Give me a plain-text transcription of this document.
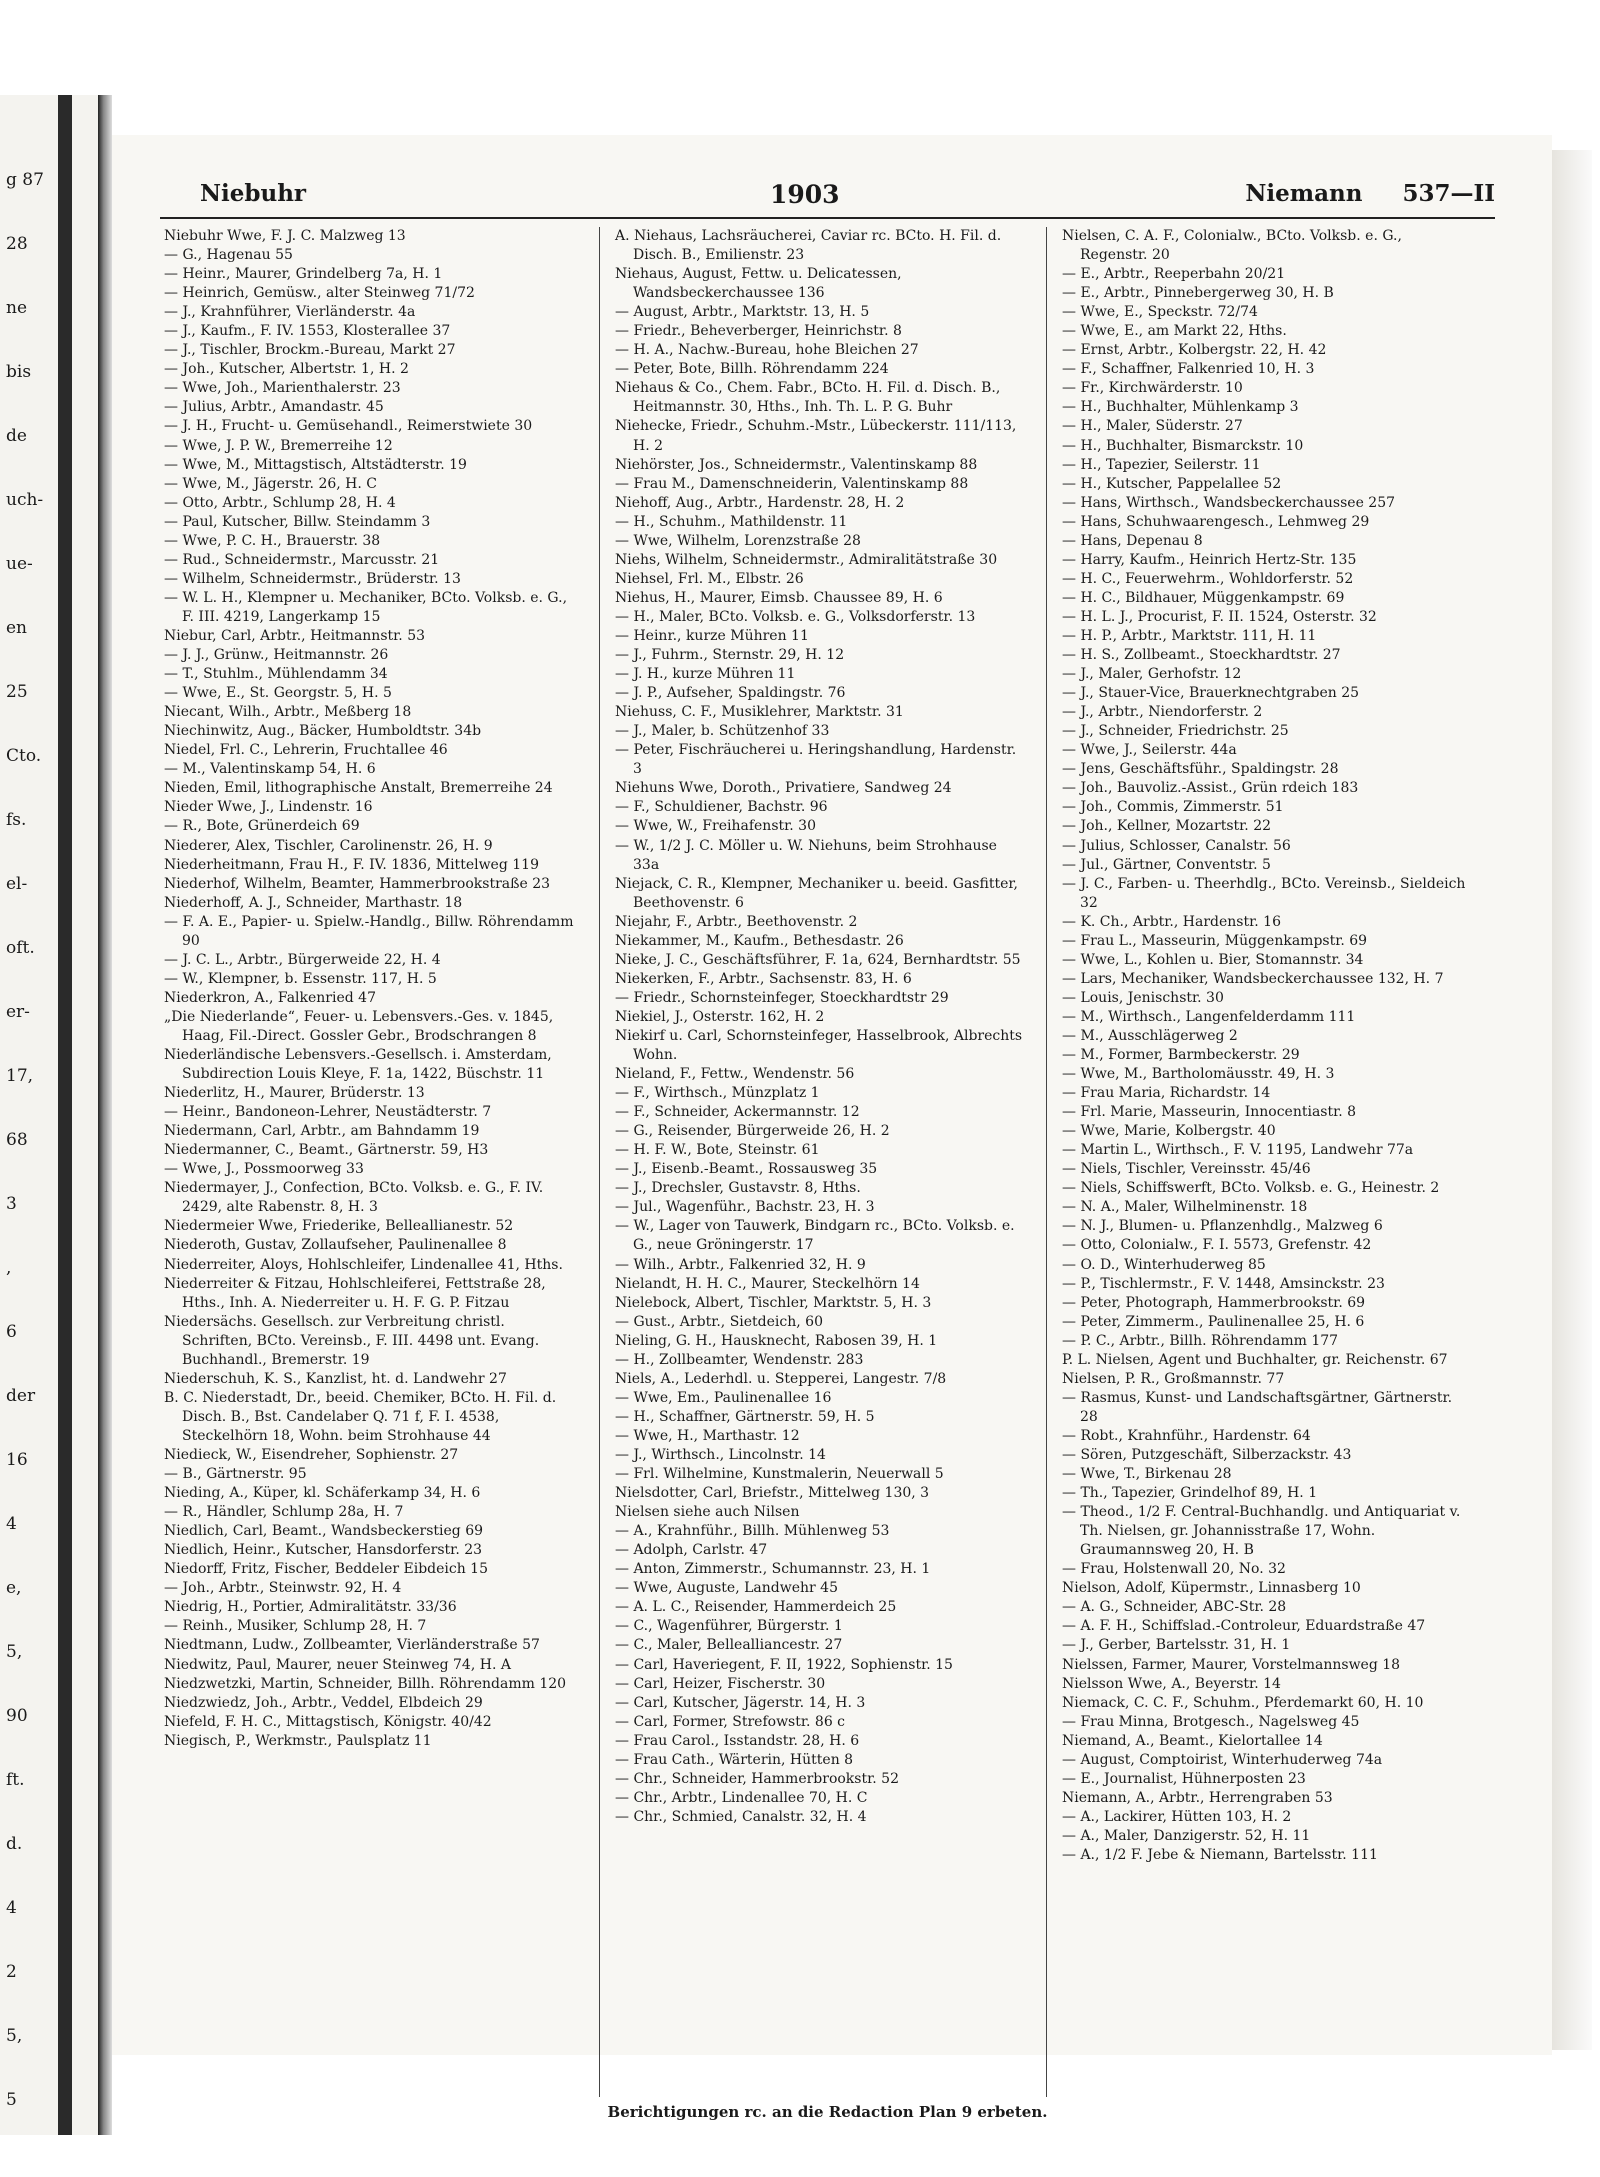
g 87
28
ne
bis
de
uch-
ue-
en
25
Cto.
fs.
el-
oft.
er-
17,
68
3
,
6
der
16
4
e,
5,
90
ft.
d.
4
2
5,
5
Niebuhr	1903	Niemann     537—II
Niebuhr Wwe, F. J. C. Malzweg 13
— G., Hagenau 55
— Heinr., Maurer, Grindelberg 7a, H. 1
— Heinrich, Gemüsw., alter Steinweg 71/72
— J., Krahnführer, Vierländerstr. 4a
— J., Kaufm., F. IV. 1553, Klosterallee 37
— J., Tischler, Brockm.-Bureau, Markt 27
— Joh., Kutscher, Albertstr. 1, H. 2
— Wwe, Joh., Marienthalerstr. 23
— Julius, Arbtr., Amandastr. 45
— J. H., Frucht- u. Gemüsehandl., Reimerstwiete 30
— Wwe, J. P. W., Bremerreihe 12
— Wwe, M., Mittagstisch, Altstädterstr. 19
— Wwe, M., Jägerstr. 26, H. C
— Otto, Arbtr., Schlump 28, H. 4
— Paul, Kutscher, Billw. Steindamm 3
— Wwe, P. C. H., Brauerstr. 38
— Rud., Schneidermstr., Marcusstr. 21
— Wilhelm, Schneidermstr., Brüderstr. 13
— W. L. H., Klempner u. Mechaniker, BCto. Volksb. e. G., F. III. 4219, Langerkamp 15
Niebur, Carl, Arbtr., Heitmannstr. 53
— J. J., Grünw., Heitmannstr. 26
— T., Stuhlm., Mühlendamm 34
— Wwe, E., St. Georgstr. 5, H. 5
Niecant, Wilh., Arbtr., Meßberg 18
Niechinwitz, Aug., Bäcker, Humboldtstr. 34b
Niedel, Frl. C., Lehrerin, Fruchtallee 46
— M., Valentinskamp 54, H. 6
Nieden, Emil, lithographische Anstalt, Bremerreihe 24
Nieder Wwe, J., Lindenstr. 16
— R., Bote, Grünerdeich 69
Niederer, Alex, Tischler, Carolinenstr. 26, H. 9
Niederheitmann, Frau H., F. IV. 1836, Mittelweg 119
Niederhof, Wilhelm, Beamter, Hammerbrookstraße 23
Niederhoff, A. J., Schneider, Marthastr. 18
— F. A. E., Papier- u. Spielw.-Handlg., Billw. Röhrendamm 90
— J. C. L., Arbtr., Bürgerweide 22, H. 4
— W., Klempner, b. Essenstr. 117, H. 5
Niederkron, A., Falkenried 47
„Die Niederlande“, Feuer- u. Lebensvers.-Ges. v. 1845, Haag, Fil.-Direct. Gossler Gebr., Brodschrangen 8
Niederländische Lebensvers.-Gesellsch. i. Amsterdam, Subdirection Louis Kleye, F. 1a, 1422, Büschstr. 11
Niederlitz, H., Maurer, Brüderstr. 13
— Heinr., Bandoneon-Lehrer, Neustädterstr. 7
Niedermann, Carl, Arbtr., am Bahndamm 19
Niedermanner, C., Beamt., Gärtnerstr. 59, H3
— Wwe, J., Possmoorweg 33
Niedermayer, J., Confection, BCto. Volksb. e. G., F. IV. 2429, alte Rabenstr. 8, H. 3
Niedermeier Wwe, Friederike, Belleallianestr. 52
Niederoth, Gustav, Zollaufseher, Paulinenallee 8
Niederreiter, Aloys, Hohlschleifer, Lindenallee 41, Hths.
Niederreiter & Fitzau, Hohlschleiferei, Fettstraße 28, Hths., Inh. A. Niederreiter u. H. F. G. P. Fitzau
Niedersächs. Gesellsch. zur Verbreitung christl. Schriften, BCto. Vereinsb., F. III. 4498 unt. Evang. Buchhandl., Bremerstr. 19
Niederschuh, K. S., Kanzlist, ht. d. Landwehr 27
B. C. Niederstadt, Dr., beeid. Chemiker, BCto. H. Fil. d. Disch. B., Bst. Candelaber Q. 71 f, F. I. 4538, Steckelhörn 18, Wohn. beim Strohhause 44
Niedieck, W., Eisendreher, Sophienstr. 27
— B., Gärtnerstr. 95
Nieding, A., Küper, kl. Schäferkamp 34, H. 6
— R., Händler, Schlump 28a, H. 7
Niedlich, Carl, Beamt., Wandsbeckerstieg 69
Niedlich, Heinr., Kutscher, Hansdorferstr. 23
Niedorff, Fritz, Fischer, Beddeler Eibdeich 15
— Joh., Arbtr., Steinwstr. 92, H. 4
Niedrig, H., Portier, Admiralitätstr. 33/36
— Reinh., Musiker, Schlump 28, H. 7
Niedtmann, Ludw., Zollbeamter, Vierländerstraße 57
Niedwitz, Paul, Maurer, neuer Steinweg 74, H. A
Niedzwetzki, Martin, Schneider, Billh. Röhrendamm 120
Niedzwiedz, Joh., Arbtr., Veddel, Elbdeich 29
Niefeld, F. H. C., Mittagstisch, Königstr. 40/42
Niegisch, P., Werkmstr., Paulsplatz 11
A. Niehaus, Lachsräucherei, Caviar rc. BCto. H. Fil. d. Disch. B., Emilienstr. 23
Niehaus, August, Fettw. u. Delicatessen, Wandsbeckerchaussee 136
— August, Arbtr., Marktstr. 13, H. 5
— Friedr., Beheverberger, Heinrichstr. 8
— H. A., Nachw.-Bureau, hohe Bleichen 27
— Peter, Bote, Billh. Röhrendamm 224
Niehaus & Co., Chem. Fabr., BCto. H. Fil. d. Disch. B., Heitmannstr. 30, Hths., Inh. Th. L. P. G. Buhr
Niehecke, Friedr., Schuhm.-Mstr., Lübeckerstr. 111/113, H. 2
Niehörster, Jos., Schneidermstr., Valentinskamp 88
— Frau M., Damenschneiderin, Valentinskamp 88
Niehoff, Aug., Arbtr., Hardenstr. 28, H. 2
— H., Schuhm., Mathildenstr. 11
— Wwe, Wilhelm, Lorenzstraße 28
Niehs, Wilhelm, Schneidermstr., Admiralitätstraße 30
Niehsel, Frl. M., Elbstr. 26
Niehus, H., Maurer, Eimsb. Chaussee 89, H. 6
— H., Maler, BCto. Volksb. e. G., Volksdorferstr. 13
— Heinr., kurze Mühren 11
— J., Fuhrm., Sternstr. 29, H. 12
— J. H., kurze Mühren 11
— J. P., Aufseher, Spaldingstr. 76
Niehuss, C. F., Musiklehrer, Marktstr. 31
— J., Maler, b. Schützenhof 33
— Peter, Fischräucherei u. Heringshandlung, Hardenstr. 3
Niehuns Wwe, Doroth., Privatiere, Sandweg 24
— F., Schuldiener, Bachstr. 96
— Wwe, W., Freihafenstr. 30
— W., 1/2 J. C. Möller u. W. Niehuns, beim Strohhause 33a
Niejack, C. R., Klempner, Mechaniker u. beeid. Gasfitter, Beethovenstr. 6
Niejahr, F., Arbtr., Beethovenstr. 2
Niekammer, M., Kaufm., Bethesdastr. 26
Nieke, J. C., Geschäftsführer, F. 1a, 624, Bernhardtstr. 55
Niekerken, F., Arbtr., Sachsenstr. 83, H. 6
— Friedr., Schornsteinfeger, Stoeckhardtstr 29
Niekiel, J., Osterstr. 162, H. 2
Niekirf u. Carl, Schornsteinfeger, Hasselbrook, Albrechts Wohn.
Nieland, F., Fettw., Wendenstr. 56
— F., Wirthsch., Münzplatz 1
— F., Schneider, Ackermannstr. 12
— G., Reisender, Bürgerweide 26, H. 2
— H. F. W., Bote, Steinstr. 61
— J., Eisenb.-Beamt., Rossausweg 35
— J., Drechsler, Gustavstr. 8, Hths.
— Jul., Wagenführ., Bachstr. 23, H. 3
— W., Lager von Tauwerk, Bindgarn rc., BCto. Volksb. e. G., neue Gröningerstr. 17
— Wilh., Arbtr., Falkenried 32, H. 9
Nielandt, H. H. C., Maurer, Steckelhörn 14
Nielebock, Albert, Tischler, Marktstr. 5, H. 3
— Gust., Arbtr., Sietdeich, 60
Nieling, G. H., Hausknecht, Rabosen 39, H. 1
— H., Zollbeamter, Wendenstr. 283
Niels, A., Lederhdl. u. Stepperei, Langestr. 7/8
— Wwe, Em., Paulinenallee 16
— H., Schaffner, Gärtnerstr. 59, H. 5
— Wwe, H., Marthastr. 12
— J., Wirthsch., Lincolnstr. 14
— Frl. Wilhelmine, Kunstmalerin, Neuerwall 5
Nielsdotter, Carl, Briefstr., Mittelweg 130, 3
Nielsen siehe auch Nilsen
— A., Krahnführ., Billh. Mühlenweg 53
— Adolph, Carlstr. 47
— Anton, Zimmerstr., Schumannstr. 23, H. 1
— Wwe, Auguste, Landwehr 45
— A. L. C., Reisender, Hammerdeich 25
— C., Wagenführer, Bürgerstr. 1
— C., Maler, Bellealliancestr. 27
— Carl, Haveriegent, F. II, 1922, Sophienstr. 15
— Carl, Heizer, Fischerstr. 30
— Carl, Kutscher, Jägerstr. 14, H. 3
— Carl, Former, Strefowstr. 86 c
— Frau Carol., Isstandstr. 28, H. 6
— Frau Cath., Wärterin, Hütten 8
— Chr., Schneider, Hammerbrookstr. 52
— Chr., Arbtr., Lindenallee 70, H. C
— Chr., Schmied, Canalstr. 32, H. 4
Nielsen, C. A. F., Colonialw., BCto. Volksb. e. G., Regenstr. 20
— E., Arbtr., Reeperbahn 20/21
— E., Arbtr., Pinnebergerweg 30, H. B
— Wwe, E., Speckstr. 72/74
— Wwe, E., am Markt 22, Hths.
— Ernst, Arbtr., Kolbergstr. 22, H. 42
— F., Schaffner, Falkenried 10, H. 3
— Fr., Kirchwärderstr. 10
— H., Buchhalter, Mühlenkamp 3
— H., Maler, Süderstr. 27
— H., Buchhalter, Bismarckstr. 10
— H., Tapezier, Seilerstr. 11
— H., Kutscher, Pappelallee 52
— Hans, Wirthsch., Wandsbeckerchaussee 257
— Hans, Schuhwaarengesch., Lehmweg 29
— Hans, Depenau 8
— Harry, Kaufm., Heinrich Hertz-Str. 135
— H. C., Feuerwehrm., Wohldorferstr. 52
— H. C., Bildhauer, Müggenkampstr. 69
— H. L. J., Procurist, F. II. 1524, Osterstr. 32
— H. P., Arbtr., Marktstr. 111, H. 11
— H. S., Zollbeamt., Stoeckhardtstr. 27
— J., Maler, Gerhofstr. 12
— J., Stauer-Vice, Brauerknechtgraben 25
— J., Arbtr., Niendorferstr. 2
— J., Schneider, Friedrichstr. 25
— Wwe, J., Seilerstr. 44a
— Jens, Geschäftsführ., Spaldingstr. 28
— Joh., Bauvoliz.-Assist., Grün rdeich 183
— Joh., Commis, Zimmerstr. 51
— Joh., Kellner, Mozartstr. 22
— Julius, Schlosser, Canalstr. 56
— Jul., Gärtner, Conventstr. 5
— J. C., Farben- u. Theerhdlg., BCto. Vereinsb., Sieldeich 32
— K. Ch., Arbtr., Hardenstr. 16
— Frau L., Masseurin, Müggenkampstr. 69
— Wwe, L., Kohlen u. Bier, Stomannstr. 34
— Lars, Mechaniker, Wandsbeckerchaussee 132, H. 7
— Louis, Jenischstr. 30
— M., Wirthsch., Langenfelderdamm 111
— M., Ausschlägerweg 2
— M., Former, Barmbeckerstr. 29
— Wwe, M., Bartholomäusstr. 49, H. 3
— Frau Maria, Richardstr. 14
— Frl. Marie, Masseurin, Innocentiastr. 8
— Wwe, Marie, Kolbergstr. 40
— Martin L., Wirthsch., F. V. 1195, Landwehr 77a
— Niels, Tischler, Vereinsstr. 45/46
— Niels, Schiffswerft, BCto. Volksb. e. G., Heinestr. 2
— N. A., Maler, Wilhelminenstr. 18
— N. J., Blumen- u. Pflanzenhdlg., Malzweg 6
— Otto, Colonialw., F. I. 5573, Grefenstr. 42
— O. D., Winterhuderweg 85
— P., Tischlermstr., F. V. 1448, Amsinckstr. 23
— Peter, Photograph, Hammerbrookstr. 69
— Peter, Zimmerm., Paulinenallee 25, H. 6
— P. C., Arbtr., Billh. Röhrendamm 177
P. L. Nielsen, Agent und Buchhalter, gr. Reichenstr. 67
Nielsen, P. R., Großmannstr. 77
— Rasmus, Kunst- und Landschaftsgärtner, Gärtnerstr. 28
— Robt., Krahnführ., Hardenstr. 64
— Sören, Putzgeschäft, Silberzackstr. 43
— Wwe, T., Birkenau 28
— Th., Tapezier, Grindelhof 89, H. 1
— Theod., 1/2 F. Central-Buchhandlg. und Antiquariat v. Th. Nielsen, gr. Johannisstraße 17, Wohn. Graumannsweg 20, H. B
— Frau, Holstenwall 20, No. 32
Nielson, Adolf, Küpermstr., Linnasberg 10
— A. G., Schneider, ABC-Str. 28
— A. F. H., Schiffslad.-Controleur, Eduardstraße 47
— J., Gerber, Bartelsstr. 31, H. 1
Nielssen, Farmer, Maurer, Vorstelmannsweg 18
Nielsson Wwe, A., Beyerstr. 14
Niemack, C. C. F., Schuhm., Pferdemarkt 60, H. 10
— Frau Minna, Brotgesch., Nagelsweg 45
Niemand, A., Beamt., Kielortallee 14
— August, Comptoirist, Winterhuderweg 74a
— E., Journalist, Hühnerposten 23
Niemann, A., Arbtr., Herrengraben 53
— A., Lackirer, Hütten 103, H. 2
— A., Maler, Danzigerstr. 52, H. 11
— A., 1/2 F. Jebe & Niemann, Bartelsstr. 111
Berichtigungen rc. an die Redaction Plan 9 erbeten.
